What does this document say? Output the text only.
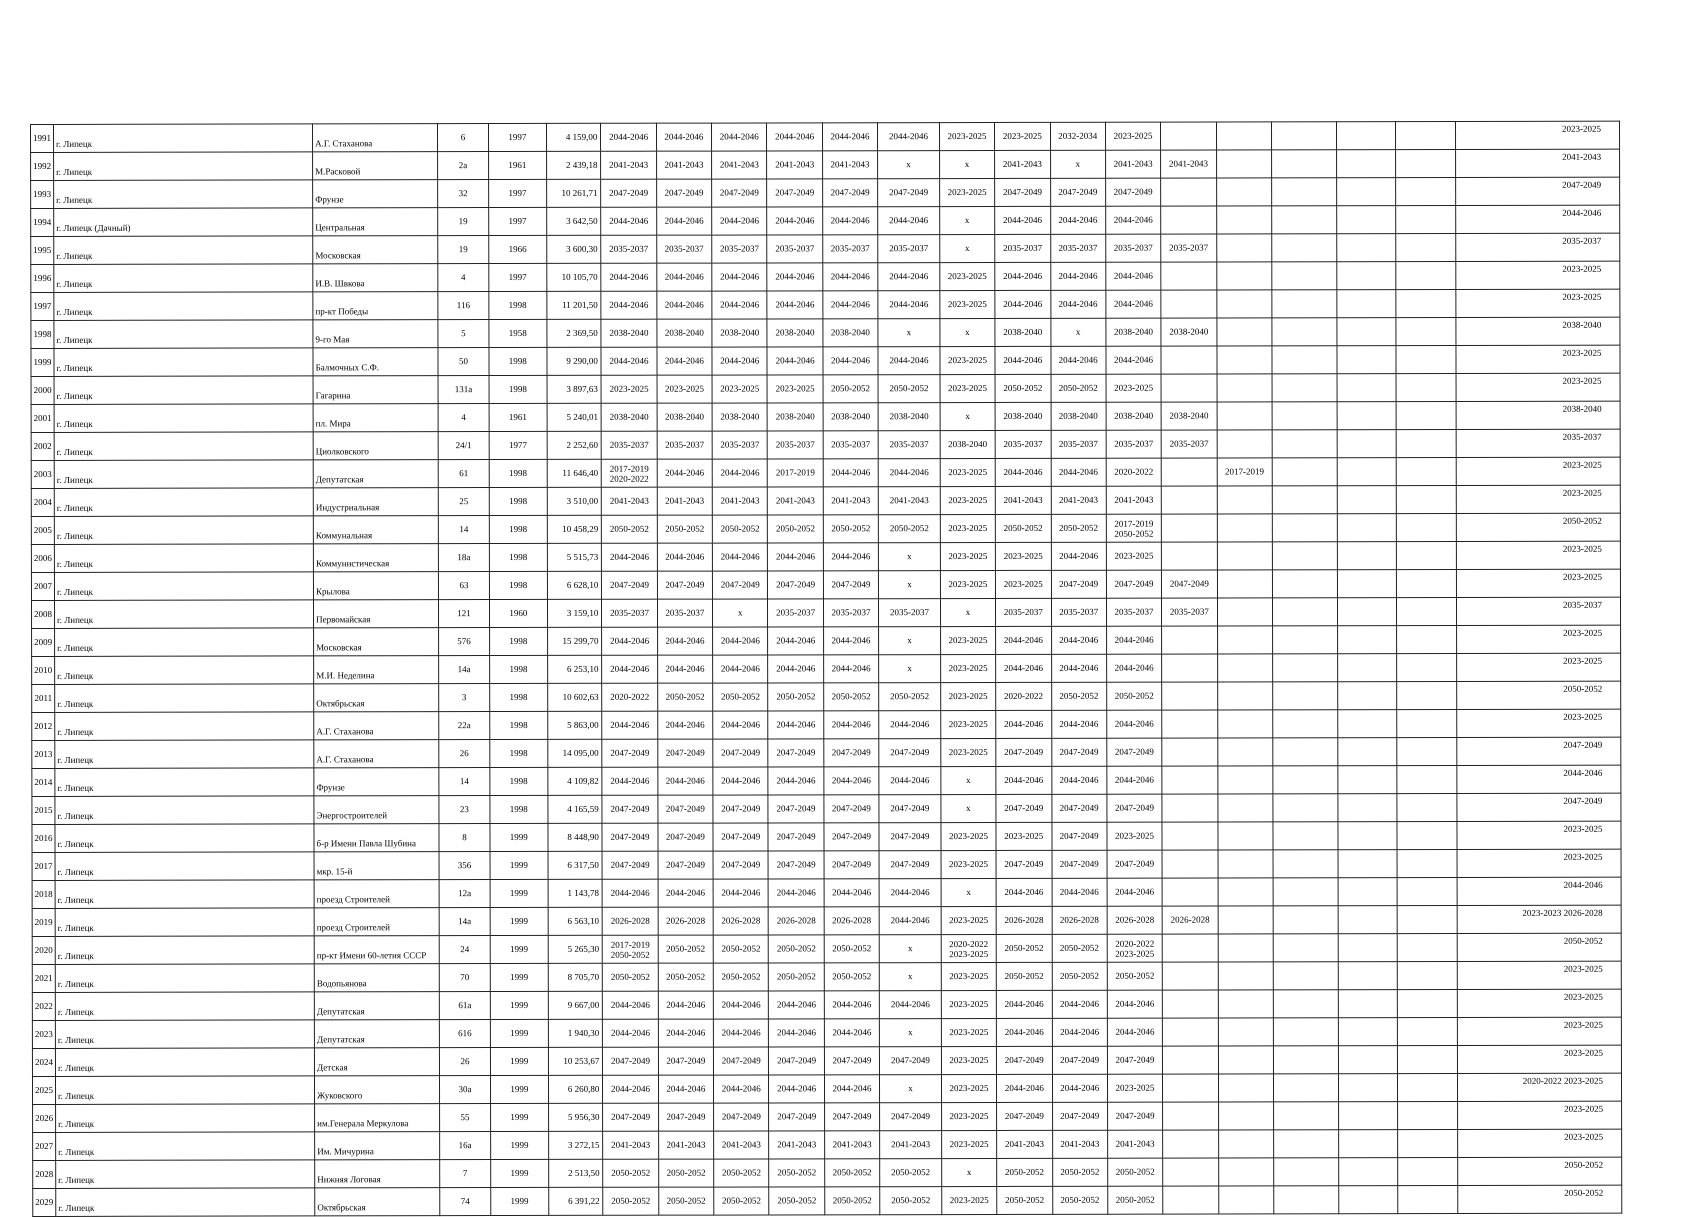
1991	г. Липецк	А.Г. Стаханова	6	1997	4 159,00	2044-2046	2044-2046	2044-2046	2044-2046	2044-2046	2044-2046	2023-2025	2023-2025	2032-2034	2023-2025						2023-2025
1992	г. Липецк	М.Расковой	2а	1961	2 439,18	2041-2043	2041-2043	2041-2043	2041-2043	2041-2043	x	x	2041-2043	x	2041-2043	2041-2043					2041-2043
1993	г. Липецк	Фрунзе	32	1997	10 261,71	2047-2049	2047-2049	2047-2049	2047-2049	2047-2049	2047-2049	2023-2025	2047-2049	2047-2049	2047-2049						2047-2049
1994	г. Липецк (Дачный)	Центральная	19	1997	3 642,50	2044-2046	2044-2046	2044-2046	2044-2046	2044-2046	2044-2046	x	2044-2046	2044-2046	2044-2046						2044-2046
1995	г. Липецк	Московская	19	1966	3 600,30	2035-2037	2035-2037	2035-2037	2035-2037	2035-2037	2035-2037	x	2035-2037	2035-2037	2035-2037	2035-2037					2035-2037
1996	г. Липецк	И.В. Швкова	4	1997	10 105,70	2044-2046	2044-2046	2044-2046	2044-2046	2044-2046	2044-2046	2023-2025	2044-2046	2044-2046	2044-2046						2023-2025
1997	г. Липецк	пр-кт Победы	116	1998	11 201,50	2044-2046	2044-2046	2044-2046	2044-2046	2044-2046	2044-2046	2023-2025	2044-2046	2044-2046	2044-2046						2023-2025
1998	г. Липецк	9-го Мая	5	1958	2 369,50	2038-2040	2038-2040	2038-2040	2038-2040	2038-2040	x	x	2038-2040	x	2038-2040	2038-2040					2038-2040
1999	г. Липецк	Балмочных С.Ф.	50	1998	9 290,00	2044-2046	2044-2046	2044-2046	2044-2046	2044-2046	2044-2046	2023-2025	2044-2046	2044-2046	2044-2046						2023-2025
2000	г. Липецк	Гагарина	131а	1998	3 897,63	2023-2025	2023-2025	2023-2025	2023-2025	2050-2052	2050-2052	2023-2025	2050-2052	2050-2052	2023-2025						2023-2025
2001	г. Липецк	пл. Мира	4	1961	5 240,01	2038-2040	2038-2040	2038-2040	2038-2040	2038-2040	2038-2040	x	2038-2040	2038-2040	2038-2040	2038-2040					2038-2040
2002	г. Липецк	Циолковского	24/1	1977	2 252,60	2035-2037	2035-2037	2035-2037	2035-2037	2035-2037	2035-2037	2038-2040	2035-2037	2035-2037	2035-2037	2035-2037					2035-2037
2003	г. Липецк	Депутатская	61	1998	11 646,40	2017-2019 2020-2022	2044-2046	2044-2046	2017-2019	2044-2046	2044-2046	2023-2025	2044-2046	2044-2046	2020-2022		2017-2019				2023-2025
2004	г. Липецк	Индустриальная	25	1998	3 510,00	2041-2043	2041-2043	2041-2043	2041-2043	2041-2043	2041-2043	2023-2025	2041-2043	2041-2043	2041-2043						2023-2025
2005	г. Липецк	Коммунальная	14	1998	10 458,29	2050-2052	2050-2052	2050-2052	2050-2052	2050-2052	2050-2052	2023-2025	2050-2052	2050-2052	2017-2019 2050-2052						2050-2052
2006	г. Липецк	Коммунистическая	18а	1998	5 515,73	2044-2046	2044-2046	2044-2046	2044-2046	2044-2046	x	2023-2025	2023-2025	2044-2046	2023-2025						2023-2025
2007	г. Липецк	Крылова	63	1998	6 628,10	2047-2049	2047-2049	2047-2049	2047-2049	2047-2049	x	2023-2025	2023-2025	2047-2049	2047-2049	2047-2049					2023-2025
2008	г. Липецк	Первомайская	121	1960	3 159,10	2035-2037	2035-2037	x	2035-2037	2035-2037	2035-2037	x	2035-2037	2035-2037	2035-2037	2035-2037					2035-2037
2009	г. Липецк	Московская	576	1998	15 299,70	2044-2046	2044-2046	2044-2046	2044-2046	2044-2046	x	2023-2025	2044-2046	2044-2046	2044-2046						2023-2025
2010	г. Липецк	М.И. Неделина	14а	1998	6 253,10	2044-2046	2044-2046	2044-2046	2044-2046	2044-2046	x	2023-2025	2044-2046	2044-2046	2044-2046						2023-2025
2011	г. Липецк	Октябрьская	3	1998	10 602,63	2020-2022	2050-2052	2050-2052	2050-2052	2050-2052	2050-2052	2023-2025	2020-2022	2050-2052	2050-2052						2050-2052
2012	г. Липецк	А.Г. Стаханова	22а	1998	5 863,00	2044-2046	2044-2046	2044-2046	2044-2046	2044-2046	2044-2046	2023-2025	2044-2046	2044-2046	2044-2046						2023-2025
2013	г. Липецк	А.Г. Стаханова	26	1998	14 095,00	2047-2049	2047-2049	2047-2049	2047-2049	2047-2049	2047-2049	2023-2025	2047-2049	2047-2049	2047-2049						2047-2049
2014	г. Липецк	Фрунзе	14	1998	4 109,82	2044-2046	2044-2046	2044-2046	2044-2046	2044-2046	2044-2046	x	2044-2046	2044-2046	2044-2046						2044-2046
2015	г. Липецк	Энергостроителей	23	1998	4 165,59	2047-2049	2047-2049	2047-2049	2047-2049	2047-2049	2047-2049	x	2047-2049	2047-2049	2047-2049						2047-2049
2016	г. Липецк	б-р Имени Павла Шубина	8	1999	8 448,90	2047-2049	2047-2049	2047-2049	2047-2049	2047-2049	2047-2049	2023-2025	2023-2025	2047-2049	2023-2025						2023-2025
2017	г. Липецк	мкр. 15-й	356	1999	6 317,50	2047-2049	2047-2049	2047-2049	2047-2049	2047-2049	2047-2049	2023-2025	2047-2049	2047-2049	2047-2049						2023-2025
2018	г. Липецк	проезд Строителей	12а	1999	1 143,78	2044-2046	2044-2046	2044-2046	2044-2046	2044-2046	2044-2046	x	2044-2046	2044-2046	2044-2046						2044-2046
2019	г. Липецк	проезд Строителей	14а	1999	6 563,10	2026-2028	2026-2028	2026-2028	2026-2028	2026-2028	2044-2046	2023-2025	2026-2028	2026-2028	2026-2028	2026-2028					2023-2023 2026-2028
2020	г. Липецк	пр-кт Имени 60-летия СССР	24	1999	5 265,30	2017-2019 2050-2052	2050-2052	2050-2052	2050-2052	2050-2052	x	2020-2022 2023-2025	2050-2052	2050-2052	2020-2022 2023-2025						2050-2052
2021	г. Липецк	Водопьянова	70	1999	8 705,70	2050-2052	2050-2052	2050-2052	2050-2052	2050-2052	x	2023-2025	2050-2052	2050-2052	2050-2052						2023-2025
2022	г. Липецк	Депутатская	61а	1999	9 667,00	2044-2046	2044-2046	2044-2046	2044-2046	2044-2046	2044-2046	2023-2025	2044-2046	2044-2046	2044-2046						2023-2025
2023	г. Липецк	Депутатская	616	1999	1 940,30	2044-2046	2044-2046	2044-2046	2044-2046	2044-2046	x	2023-2025	2044-2046	2044-2046	2044-2046						2023-2025
2024	г. Липецк	Детская	26	1999	10 253,67	2047-2049	2047-2049	2047-2049	2047-2049	2047-2049	2047-2049	2023-2025	2047-2049	2047-2049	2047-2049						2023-2025
2025	г. Липецк	Жуковского	30а	1999	6 260,80	2044-2046	2044-2046	2044-2046	2044-2046	2044-2046	x	2023-2025	2044-2046	2044-2046	2023-2025						2020-2022 2023-2025
2026	г. Липецк	им.Генерала Меркулова	55	1999	5 956,30	2047-2049	2047-2049	2047-2049	2047-2049	2047-2049	2047-2049	2023-2025	2047-2049	2047-2049	2047-2049						2023-2025
2027	г. Липецк	Им. Мичурина	16а	1999	3 272,15	2041-2043	2041-2043	2041-2043	2041-2043	2041-2043	2041-2043	2023-2025	2041-2043	2041-2043	2041-2043						2023-2025
2028	г. Липецк	Нижняя Логовая	7	1999	2 513,50	2050-2052	2050-2052	2050-2052	2050-2052	2050-2052	2050-2052	x	2050-2052	2050-2052	2050-2052						2050-2052
2029	г. Липецк	Октябрьская	74	1999	6 391,22	2050-2052	2050-2052	2050-2052	2050-2052	2050-2052	2050-2052	2023-2025	2050-2052	2050-2052	2050-2052						2050-2052
